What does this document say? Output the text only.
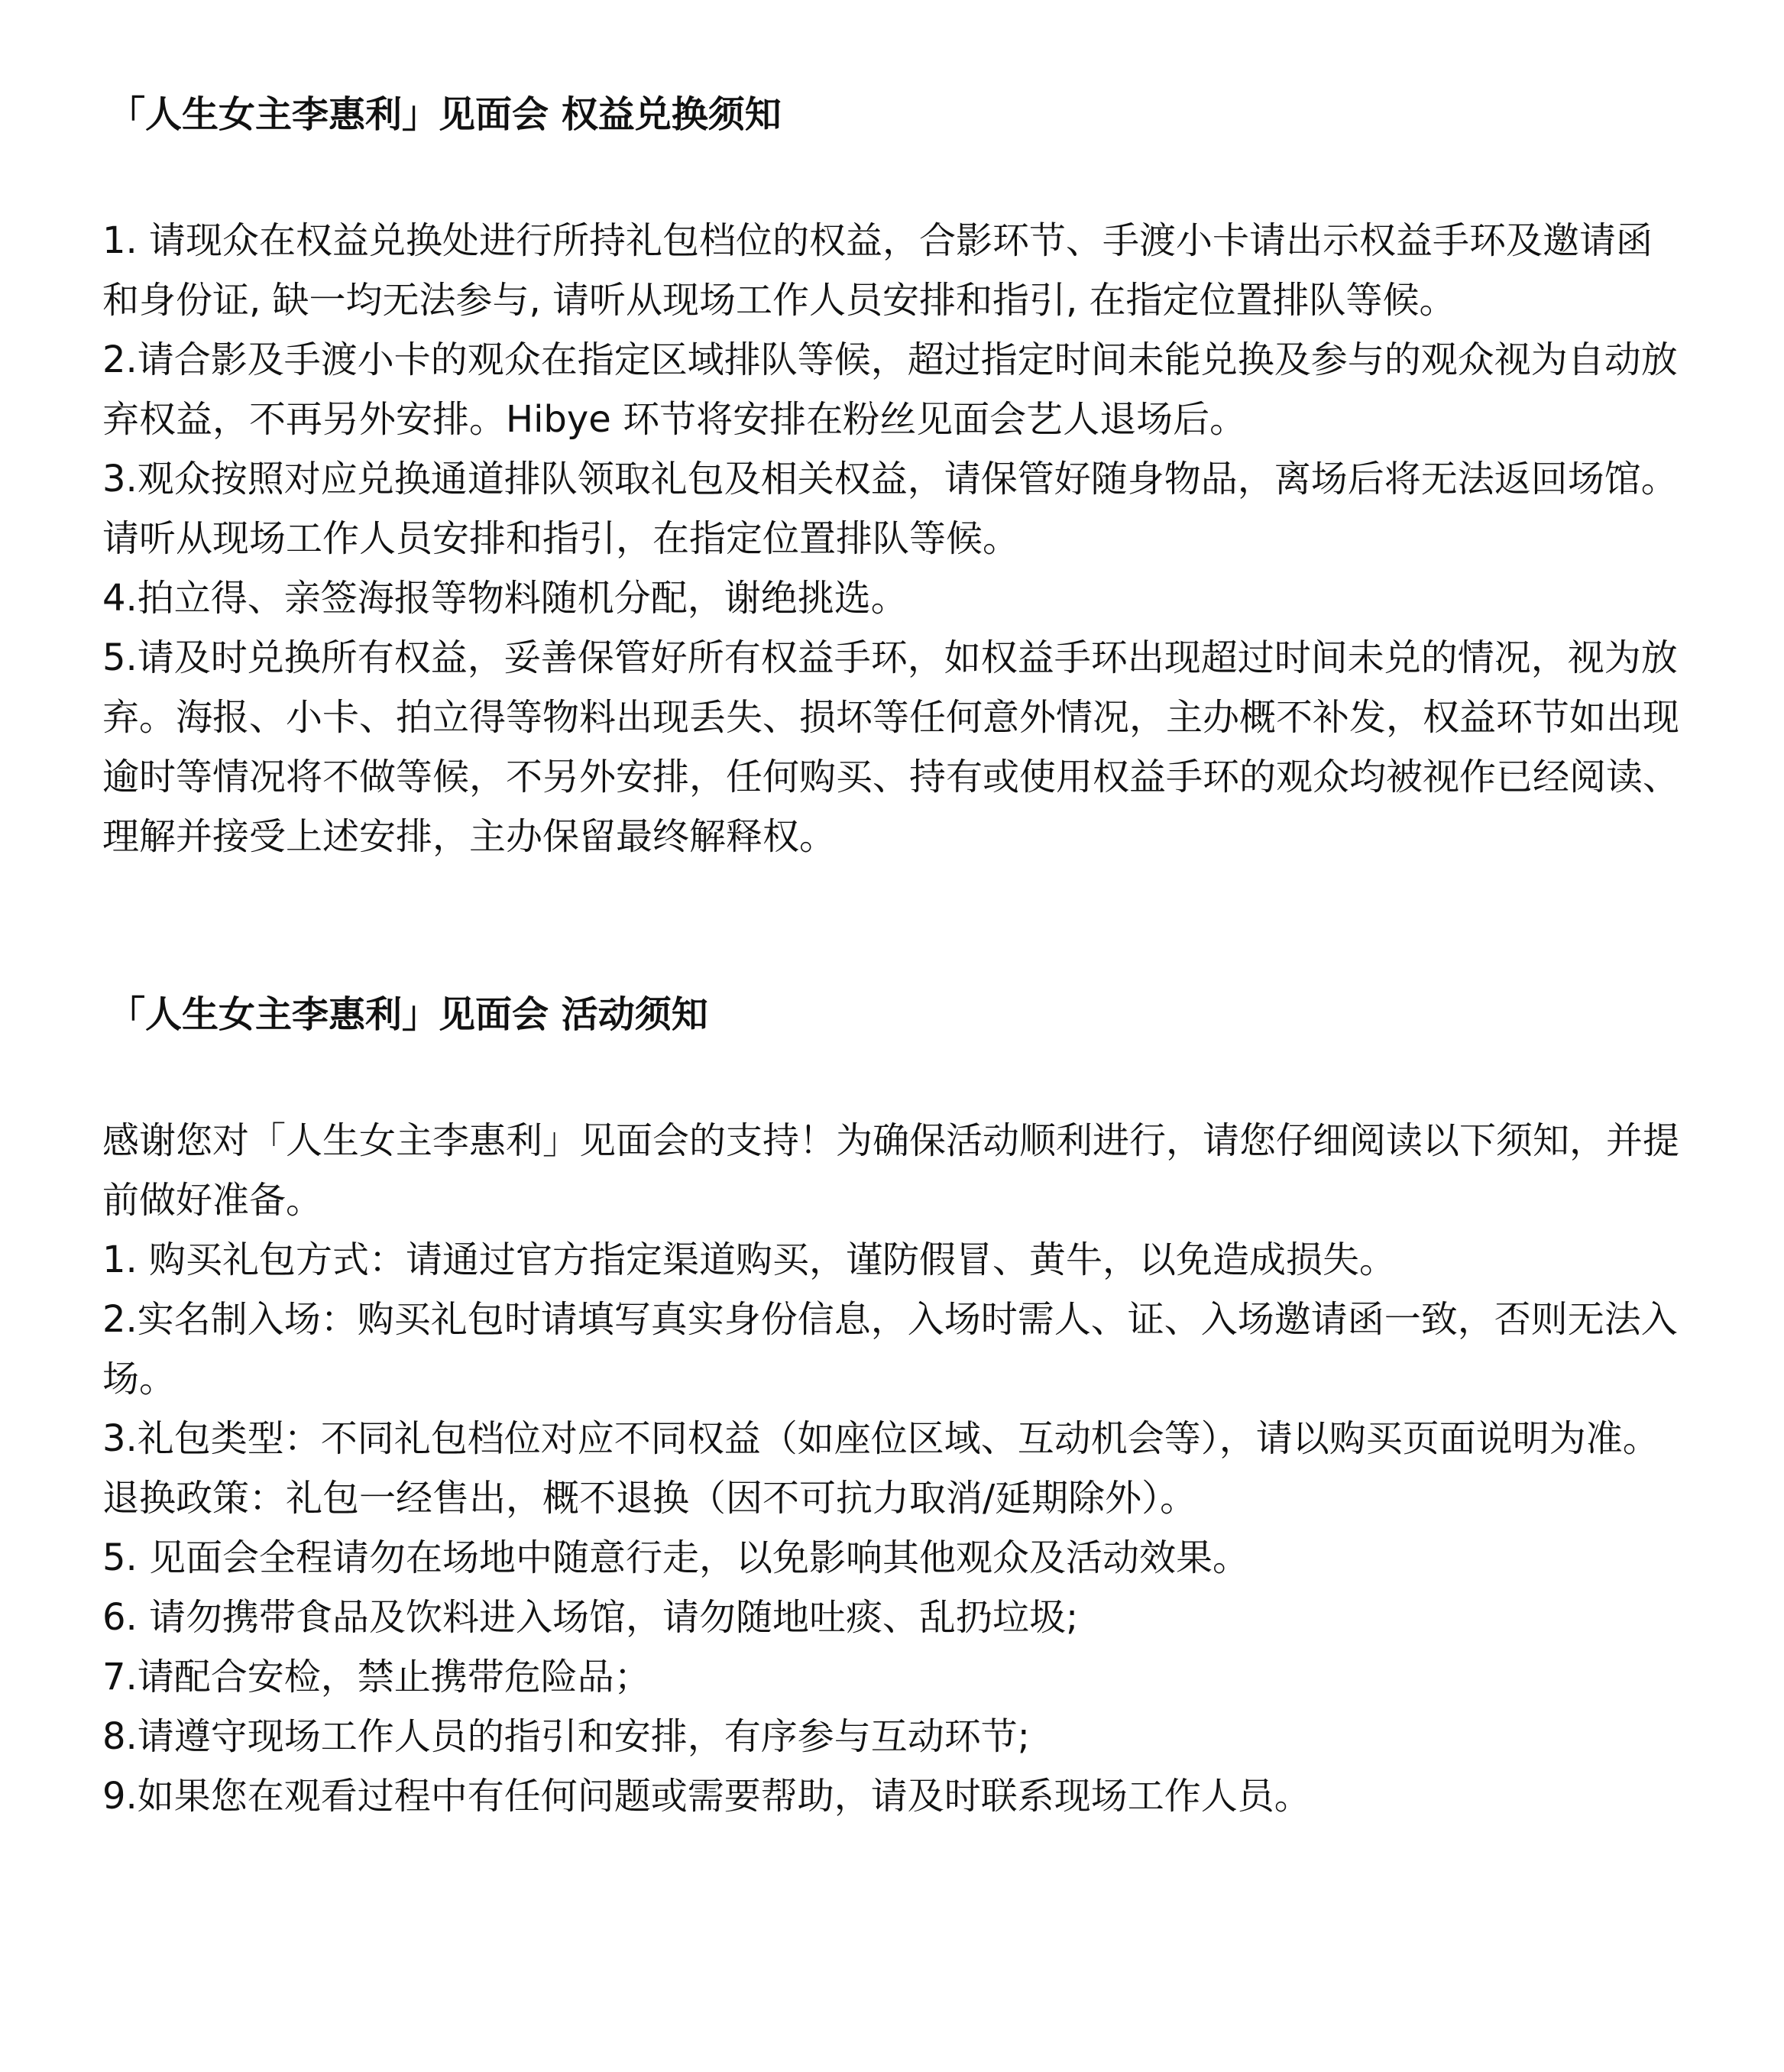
「人生女主李惠利」见面会 权益兑换须知

1. 请现众在权益兑换处进行所持礼包档位的权益，合影环节、手渡小卡请出示权益手环及邀请函和身份证, 缺一均无法参与, 请听从现场工作人员安排和指引, 在指定位置排队等候。

2.请合影及手渡小卡的观众在指定区域排队等候，超过指定时间未能兑换及参与的观众视为自动放弃权益，不再另外安排。Hibye 环节将安排在粉丝见面会艺人退场后。

3.观众按照对应兑换通道排队领取礼包及相关权益，请保管好随身物品，离场后将无法返回场馆。请听从现场工作人员安排和指引，在指定位置排队等候。

4.拍立得、亲签海报等物料随机分配，谢绝挑选。

5.请及时兑换所有权益，妥善保管好所有权益手环，如权益手环出现超过时间未兑的情况，视为放弃。海报、小卡、拍立得等物料出现丢失、损坏等任何意外情况，主办概不补发，权益环节如出现逾时等情况将不做等候，不另外安排，任何购买、持有或使用权益手环的观众均被视作已经阅读、理解并接受上述安排，主办保留最终解释权。

「人生女主李惠利」见面会 活动须知

感谢您对「人生女主李惠利」见面会的支持！为确保活动顺利进行，请您仔细阅读以下须知，并提前做好准备。

1. 购买礼包方式：请通过官方指定渠道购买，谨防假冒、黄牛，以免造成损失。

2.实名制入场：购买礼包时请填写真实身份信息，入场时需人、证、入场邀请函一致，否则无法入场。

3.礼包类型：不同礼包档位对应不同权益（如座位区域、互动机会等），请以购买页面说明为准。

退换政策：礼包一经售出，概不退换（因不可抗力取消/延期除外）。

5. 见面会全程请勿在场地中随意行走，以免影响其他观众及活动效果。

6. 请勿携带食品及饮料进入场馆，请勿随地吐痰、乱扔垃圾;

7.请配合安检，禁止携带危险品；

8.请遵守现场工作人员的指引和安排，有序参与互动环节;

9.如果您在观看过程中有任何问题或需要帮助，请及时联系现场工作人员。
